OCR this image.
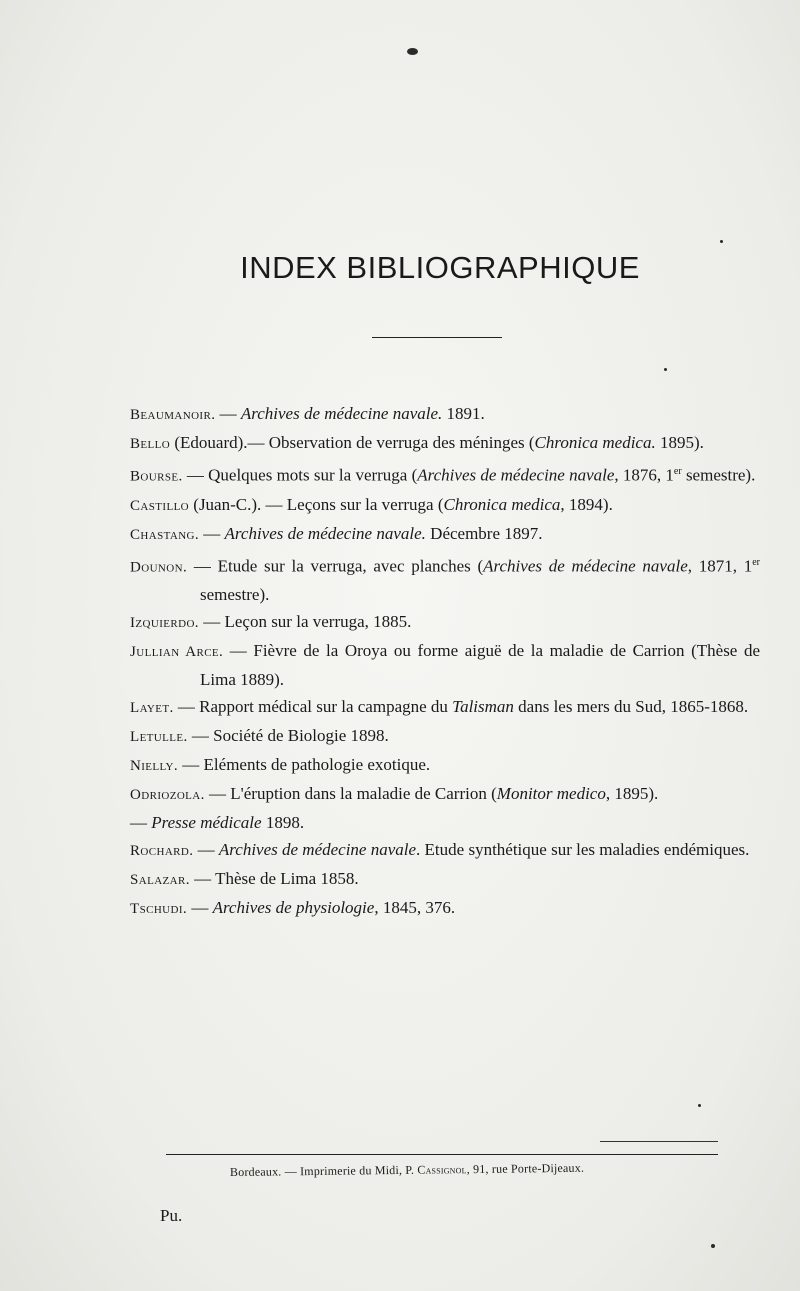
INDEX BIBLIOGRAPHIQUE
Beaumanoir. — Archives de médecine navale. 1891.
Bello (Edouard).— Observation de verruga des méninges (Chronica medica. 1895).
Bourse. — Quelques mots sur la verruga (Archives de médecine navale, 1876, 1er semestre).
Castillo (Juan-C.). — Leçons sur la verruga (Chronica medica, 1894).
Chastang. — Archives de médecine navale. Décembre 1897.
Dounon. — Etude sur la verruga, avec planches (Archives de médecine navale, 1871, 1er semestre).
Izquierdo. — Leçon sur la verruga, 1885.
Jullian Arce. — Fièvre de la Oroya ou forme aiguë de la maladie de Carrion (Thèse de Lima 1889).
Layet. — Rapport médical sur la campagne du Talisman dans les mers du Sud, 1865-1868.
Letulle. — Société de Biologie 1898.
Nielly. — Eléments de pathologie exotique.
Odriozola. — L'éruption dans la maladie de Carrion (Monitor medico, 1895).
— Presse médicale 1898.
Rochard. — Archives de médecine navale. Etude synthétique sur les maladies endémiques.
Salazar. — Thèse de Lima 1858.
Tschudi. — Archives de physiologie, 1845, 376.
Bordeaux. — Imprimerie du Midi, P. Cassignol, 91, rue Porte-Dijeaux.
Pu.
